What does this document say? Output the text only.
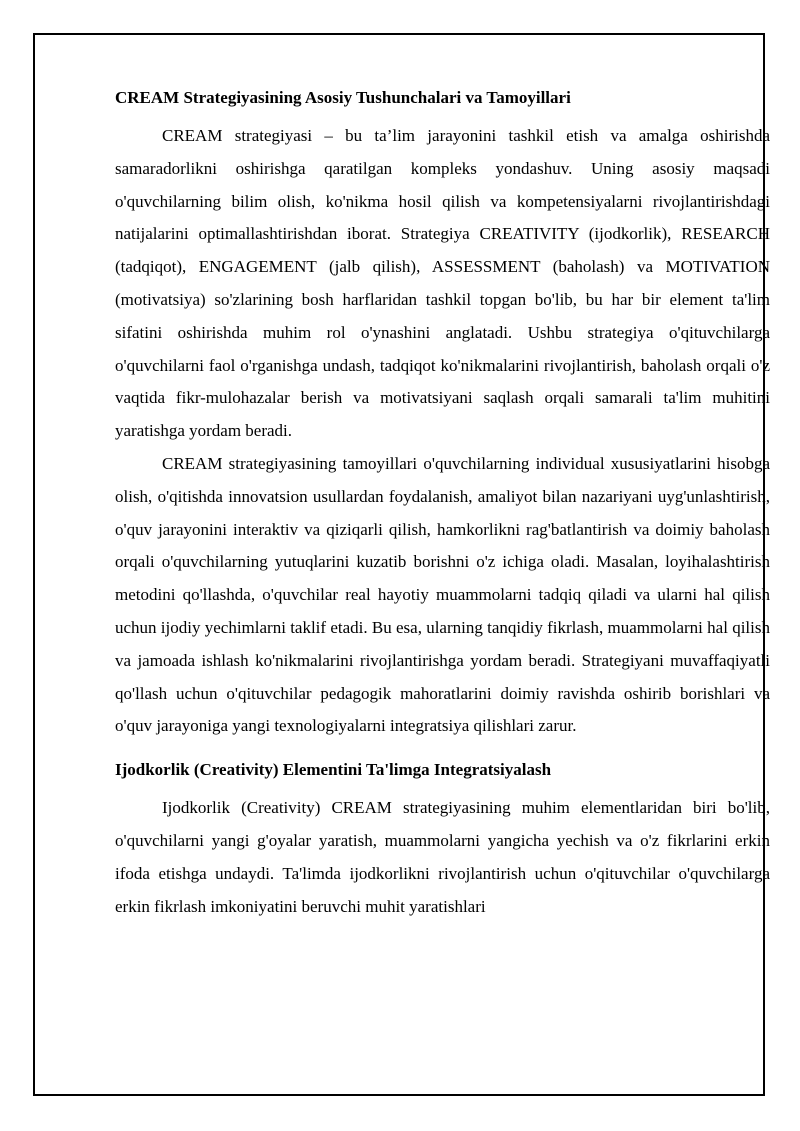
CREAM Strategiyasining Asosiy Tushunchalari va Tamoyillari

CREAM strategiyasi – bu ta’lim jarayonini tashkil etish va amalga oshirishda samaradorlikni oshirishga qaratilgan kompleks yondashuv. Uning asosiy maqsadi o'quvchilarning bilim olish, ko'nikma hosil qilish va kompetensiyalarni rivojlantirishdagi natijalarini optimallashtirishdan iborat. Strategiya CREATIVITY (ijodkorlik), RESEARCH (tadqiqot), ENGAGEMENT (jalb qilish), ASSESSMENT (baholash) va MOTIVATION (motivatsiya) so'zlarining bosh harflaridan tashkil topgan bo'lib, bu har bir element ta'lim sifatini oshirishda muhim rol o'ynashini anglatadi. Ushbu strategiya o'qituvchilarga o'quvchilarni faol o'rganishga undash, tadqiqot ko'nikmalarini rivojlantirish, baholash orqali o'z vaqtida fikr-mulohazalar berish va motivatsiyani saqlash orqali samarali ta'lim muhitini yaratishga yordam beradi.

CREAM strategiyasining tamoyillari o'quvchilarning individual xususiyatlarini hisobga olish, o'qitishda innovatsion usullardan foydalanish, amaliyot bilan nazariyani uyg'unlashtirish, o'quv jarayonini interaktiv va qiziqarli qilish, hamkorlikni rag'batlantirish va doimiy baholash orqali o'quvchilarning yutuqlarini kuzatib borishni o'z ichiga oladi. Masalan, loyihalashtirish metodini qo'llashda, o'quvchilar real hayotiy muammolarni tadqiq qiladi va ularni hal qilish uchun ijodiy yechimlarni taklif etadi. Bu esa, ularning tanqidiy fikrlash, muammolarni hal qilish va jamoada ishlash ko'nikmalarini rivojlantirishga yordam beradi. Strategiyani muvaffaqiyatli qo'llash uchun o'qituvchilar pedagogik mahoratlarini doimiy ravishda oshirib borishlari va o'quv jarayoniga yangi texnologiyalarni integratsiya qilishlari zarur.

Ijodkorlik (Creativity) Elementini Ta'limga Integratsiyalash

Ijodkorlik (Creativity) CREAM strategiyasining muhim elementlaridan biri bo'lib, o'quvchilarni yangi g'oyalar yaratish, muammolarni yangicha yechish va o'z fikrlarini erkin ifoda etishga undaydi. Ta'limda ijodkorlikni rivojlantirish uchun o'qituvchilar o'quvchilarga erkin fikrlash imkoniyatini beruvchi muhit yaratishlari
